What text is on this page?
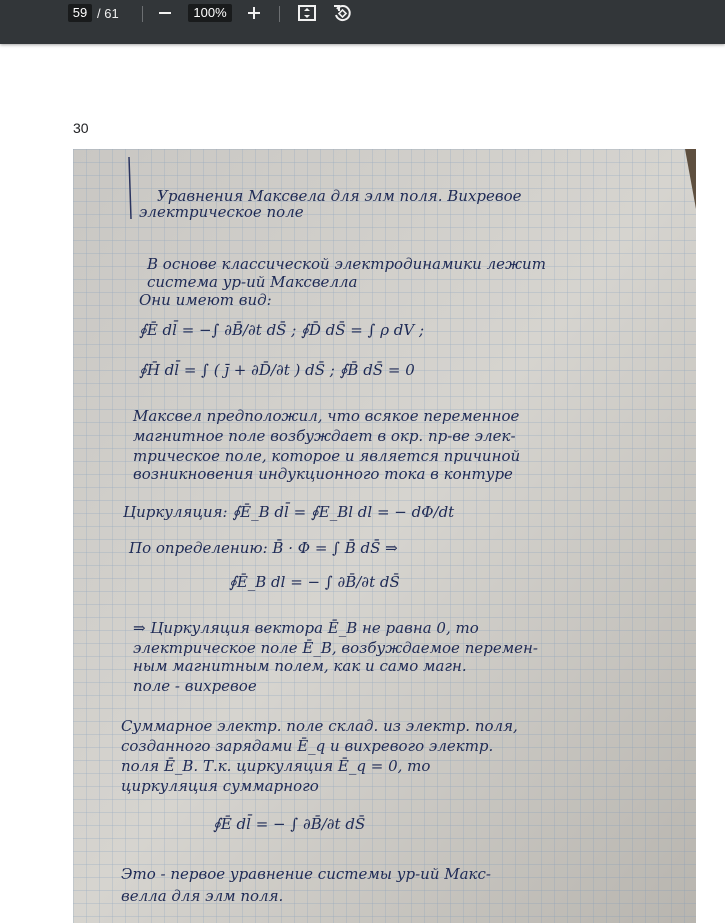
59
/ 61
100%
30
Уравнения Максвела для элм поля. Вихревое
электрическое поле
В основе классической электродинамики лежит
система ур-ий Максвелла
Они имеют вид:
∮Ē dl̄ = −∫ ∂B̄/∂t dS̄ ; ∮D̄ dS̄ = ∫ ρ dV ;
∮H̄ dl̄ = ∫ ( j̄ + ∂D̄/∂t ) dS̄ ; ∮B̄ dS̄ = 0
Максвел предположил, что всякое переменное
магнитное поле возбуждает в окр. пр-ве элек-
трическое поле, которое и является причиной
возникновения индукционного тока в контуре
Циркуляция: ∮Ē_B dl̄ = ∮E_Bl dl = − dΦ/dt
По определению: B̄ · Φ = ∫ B̄ dS̄ ⇒
∮Ē_B dl = − ∫ ∂B̄/∂t dS̄
⇒ Циркуляция вектора Ē_B не равна 0, то
электрическое поле Ē_B, возбуждаемое перемен-
ным магнитным полем, как и само магн.
поле - вихревое
Суммарное электр. поле склад. из электр. поля,
созданного зарядами Ē_q и вихревого электр.
поля Ē_B. Т.к. циркуляция Ē_q = 0, то
циркуляция суммарного
∮Ē dl̄ = − ∫ ∂B̄/∂t dS̄
Это - первое уравнение системы ур-ий Макс-
велла для элм поля.
